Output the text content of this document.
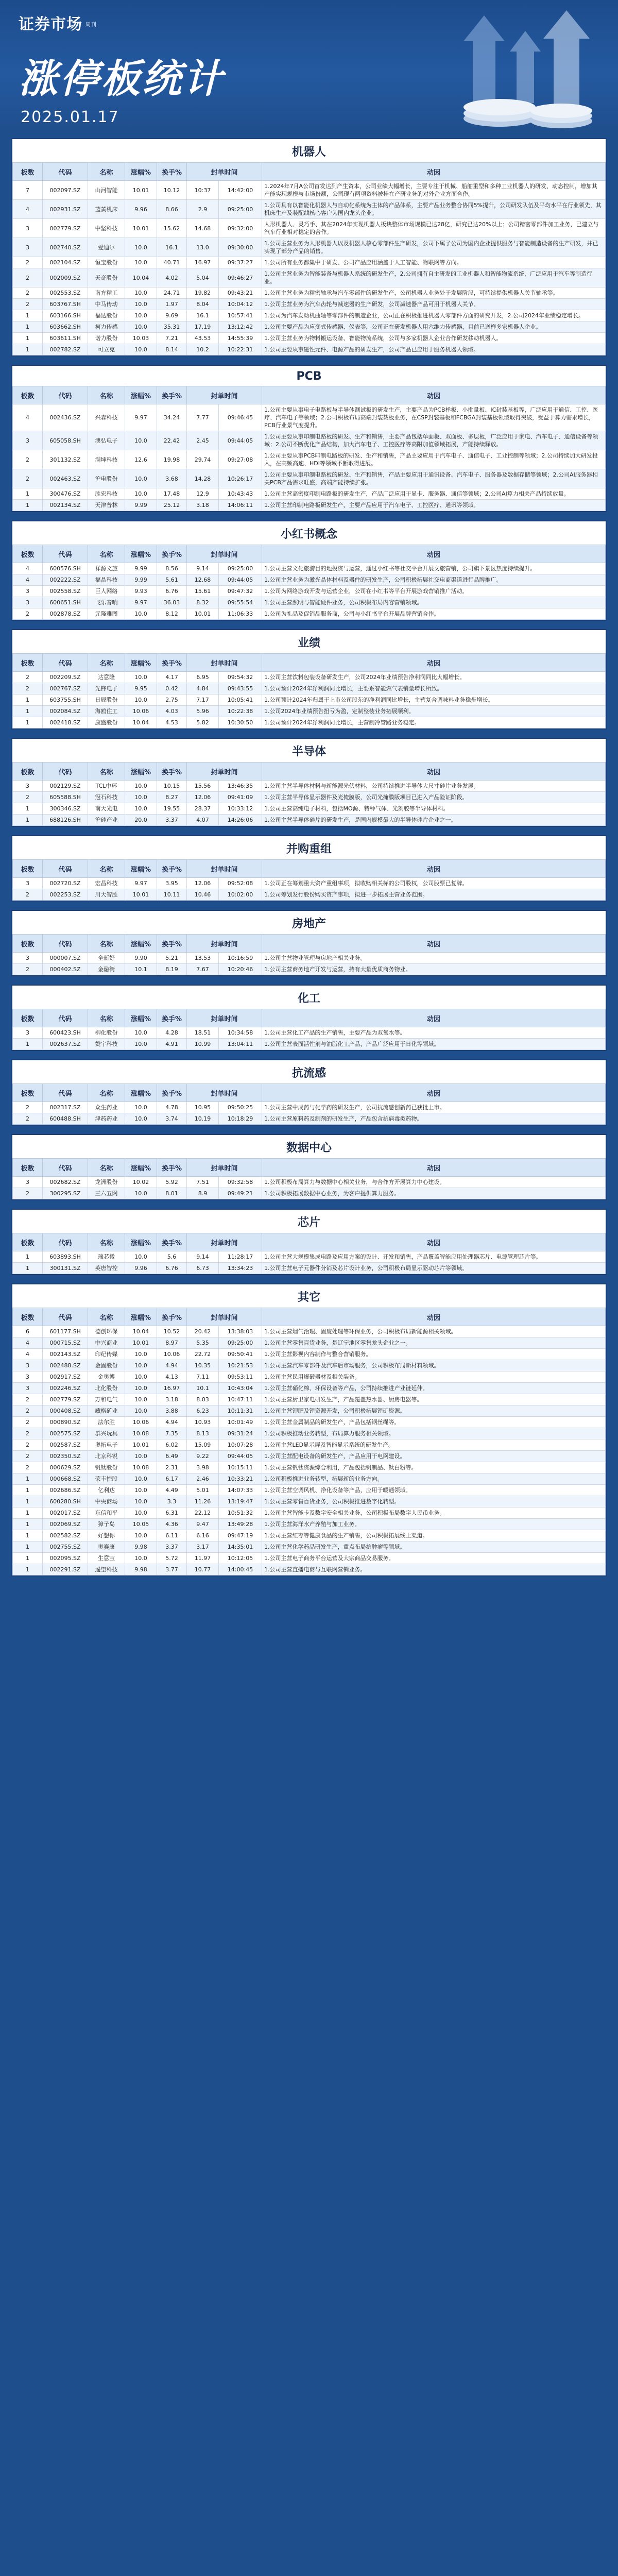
证券市场 周刊
涨停板统计
2025.01.17
机器人
板数	代码	名称	涨幅%	换手%	封单时间		动因
7	002097.SZ	山河智能	10.01	10.12	10:37	14:42:00	1.2024年7月A公司首发达到产生资本，公司业绩大幅增长，主要专注于机械、船舶重型和多种工业机器人的研发、动态控制，增加其产能实现规模与市场份额，公司现有两项资料被挂在产研业务的对外企业方面合作。
4	002931.SZ	蓝黄机床	9.96	8.66	2.9	09:25:00	1.公司具有以智能化机器人与自动化系统为主体的产品体系，主要产品业务整合协同5%提升，公司研发队伍及平均水平在行业领先，其机床生产及装配线核心客户为国内龙头企业。
3	002779.SZ	中坚科技	10.01	15.62	14.68	09:32:00	人形机器人、灵巧手、其在2024年实现机器人板块整体市场规模已达28亿，研究已达20%以上；公司精密零部件加工业务，已建立与汽车行业相对稳定的合作。
3	002740.SZ	爱迪尔	10.0	16.1	13.0	09:30:00	1.公司主营业务为人形机器人以及机器人核心零部件生产研发，公司下属子公司为国内企业提供服务与智能制造设备的生产研发，并已实现了部分产品的销售。
2	002104.SZ	恒宝股份	10.0	40.71	16.97	09:37:27	1.公司所有业务都集中于研发、公司产品应用涵盖于人工智能、物联网等方向。
2	002009.SZ	天奇股份	10.04	4.02	5.04	09:46:27	1.公司主营业务为智能装备与机器人系统的研发生产，2.公司拥有自主研发的工业机器人和智能物流系统，广泛应用于汽车等制造行业。
2	002553.SZ	南方精工	10.0	24.71	19.82	09:43:21	1.公司主营业务为精密轴承与汽车零部件的研发生产，公司机器人业务处于发展阶段，可持续提供机器人关节轴承等。
2	603767.SH	中马传动	10.0	1.97	8.04	10:04:12	1.公司主营业务为汽车齿轮与减速器的生产研发，公司减速器产品可用于机器人关节。
1	603166.SH	福达股份	10.0	9.69	16.1	10:57:41	1.公司为汽车发动机曲轴等零部件的制造企业，公司正在积极推进机器人零部件方面的研究开发，2.公司2024年业绩稳定增长。
1	603662.SH	柯力传感	10.0	35.31	17.19	13:12:42	1.公司主要产品为应变式传感器、仪表等，公司正在研发机器人用六维力传感器，目前已送样多家机器人企业。
1	603611.SH	诺力股份	10.03	7.21	43.53	14:55:39	1.公司主营业务为物料搬运设备、智能物流系统，公司与多家机器人企业合作研发移动机器人。
1	002782.SZ	可立克	10.0	8.14	10.2	10:22:31	1.公司主要从事磁性元件、电源产品的研发生产，公司产品已应用于服务机器人领域。
PCB
板数	代码	名称	涨幅%	换手%	封单时间		动因
4	002436.SZ	兴森科技	9.97	34.24	7.77	09:46:45	1.公司主要从事电子电路板与半导体测试板的研发生产，主要产品为PCB样板、小批量板、IC封装基板等，广泛应用于通信、工控、医疗、汽车电子等领域；2.公司积极布局高端封装载板业务，在CSP封装基板和FCBGA封装基板领域取得突破，受益于算力需求增长，PCB行业景气度提升。
3	605058.SH	澳弘电子	10.0	22.42	2.45	09:44:05	1.公司主要从事印制电路板的研发、生产和销售，主要产品包括单面板、双面板、多层板，广泛应用于家电、汽车电子、通信设备等领域；2.公司不断优化产品结构，加大汽车电子、工控医疗等高附加值领域拓展，产能持续释放。
2	301132.SZ	满坤科技	12.6	19.98	29.74	09:27:08	1.公司主要从事PCB印制电路板的研发、生产和销售，产品主要应用于汽车电子、通信电子、工业控制等领域；2.公司持续加大研发投入，在高频高速、HDI等领域不断取得进展。
2	002463.SZ	沪电股份	10.0	3.68	14.28	10:26:17	1.公司主要从事印制电路板的研发、生产和销售，产品主要应用于通讯设备、汽车电子、服务器及数据存储等领域；2.公司AI服务器相关PCB产品需求旺盛，高端产能持续扩张。
1	300476.SZ	胜宏科技	10.0	17.48	12.9	10:43:43	1.公司主营高密度印制电路板的研发生产，产品广泛应用于显卡、服务器、通信等领域；2.公司AI算力相关产品持续放量。
1	002134.SZ	天津普林	9.99	25.12	3.18	14:06:11	1.公司主营印制电路板研发生产，主要产品应用于汽车电子、工控医疗、通讯等领域。
小红书概念
板数	代码	名称	涨幅%	换手%	封单时间		动因
4	600576.SH	祥源文旅	9.99	8.56	9.14	09:25:00	1.公司主营文化旅游目的地投资与运营，通过小红书等社交平台开展文旅营销，公司旗下景区热度持续提升。
4	002222.SZ	福晶科技	9.99	5.61	12.68	09:44:05	1.公司主营业务为激光晶体材料及器件的研发生产，公司积极拓展社交电商渠道进行品牌推广。
3	002558.SZ	巨人网络	9.93	6.76	15.61	09:47:32	1.公司为网络游戏开发与运营企业，公司在小红书等平台开展游戏营销推广活动。
3	600651.SH	飞乐音响	9.97	36.03	8.32	09:55:54	1.公司主营照明与智能硬件业务，公司积极布局内容营销领域。
2	002878.SZ	元隆雅图	10.0	8.12	10.01	11:06:33	1.公司为礼品及促销品服务商，公司与小红书平台开展品牌营销合作。
业绩
板数	代码	名称	涨幅%	换手%	封单时间		动因
2	002209.SZ	达意隆	10.0	4.17	6.95	09:54:32	1.公司主营饮料包装设备研发生产，公司2024年业绩预告净利润同比大幅增长。
2	002767.SZ	先锋电子	9.95	0.42	4.84	09:43:55	1.公司预计2024年净利润同比增长，主要系智能燃气表销量增长所致。
1	603755.SH	日辰股份	10.0	2.75	7.17	10:05:41	1.公司预计2024年归属于上市公司股东的净利润同比增长，主营复合调味料业务稳步增长。
1	002084.SZ	海鸥住工	10.06	4.03	5.96	10:22:38	1.公司2024年业绩预告扭亏为盈，定制整装业务拓展顺利。
1	002418.SZ	康盛股份	10.04	4.53	5.82	10:30:50	1.公司预计2024年净利润同比增长，主营制冷管路业务稳定。
半导体
板数	代码	名称	涨幅%	换手%	封单时间		动因
3	002129.SZ	TCL中环	10.0	10.15	15.56	13:46:35	1.公司主营半导体材料与新能源光伏材料，公司持续推进半导体大尺寸硅片业务发展。
2	605588.SH	冠石科技	10.0	8.27	12.06	09:41:09	1.公司主营半导体显示器件及光掩膜版，公司光掩膜版项目已进入产品验证阶段。
1	300346.SZ	南大光电	10.0	19.55	28.37	10:33:12	1.公司主营高纯电子材料，包括MO源、特种气体、光刻胶等半导体材料。
1	688126.SH	沪硅产业	20.0	3.37	4.07	14:26:06	1.公司主营半导体硅片的研发生产，是国内规模最大的半导体硅片企业之一。
并购重组
板数	代码	名称	涨幅%	换手%	封单时间		动因
3	002720.SZ	宏昌科技	9.97	3.95	12.06	09:52:08	1.公司正在筹划重大资产重组事项，拟收购相关标的公司股权，公司股票已复牌。
2	002253.SZ	川大智胜	10.01	10.11	10.46	10:02:00	1.公司筹划发行股份购买资产事项，拟进一步拓展主营业务范围。
房地产
板数	代码	名称	涨幅%	换手%	封单时间		动因
3	000007.SZ	全新好	9.90	5.21	13.53	10:16:59	1.公司主营物业管理与房地产相关业务。
2	000402.SZ	金融街	10.1	8.19	7.67	10:20:46	1.公司主营商务地产开发与运营，持有大量优质商务物业。
化工
板数	代码	名称	涨幅%	换手%	封单时间		动因
3	600423.SH	柳化股份	10.0	4.28	18.51	10:34:58	1.公司主营化工产品的生产销售，主要产品为双氧水等。
1	002637.SZ	赞宇科技	10.0	4.91	10.99	13:04:11	1.公司主营表面活性剂与油脂化工产品，产品广泛应用于日化等领域。
抗流感
板数	代码	名称	涨幅%	换手%	封单时间		动因
2	002317.SZ	众生药业	10.0	4.78	10.95	09:50:25	1.公司主营中成药与化学药的研发生产，公司抗流感创新药已获批上市。
2	600488.SH	津药药业	10.0	3.74	10.19	10:18:29	1.公司主营原料药及制剂的研发生产，产品包含抗病毒类药物。
数据中心
板数	代码	名称	涨幅%	换手%	封单时间		动因
3	002682.SZ	龙洲股份	10.02	5.92	7.51	09:32:58	1.公司积极布局算力与数据中心相关业务，与合作方开展算力中心建设。
2	300295.SZ	三六五网	10.0	8.01	8.9	09:49:21	1.公司积极拓展数据中心业务，为客户提供算力服务。
芯片
板数	代码	名称	涨幅%	换手%	封单时间		动因
1	603893.SH	瑞芯微	10.0	5.6	9.14	11:28:17	1.公司主营大规模集成电路及应用方案的设计、开发和销售，产品覆盖智能应用处理器芯片、电源管理芯片等。
1	300131.SZ	英唐智控	9.96	6.76	6.73	13:34:23	1.公司主营电子元器件分销及芯片设计业务，公司积极布局显示驱动芯片等领域。
其它
板数	代码	名称	涨幅%	换手%	封单时间		动因
6	601177.SH	德创环保	10.04	10.52	20.42	13:38:03	1.公司主营烟气治理、固废处理等环保业务，公司积极布局新能源相关领域。
4	000715.SZ	中兴商业	10.01	8.97	5.35	09:25:00	1.公司主营零售百货业务，是辽宁地区零售龙头企业之一。
4	002143.SZ	印纪传媒	10.0	10.06	22.72	09:50:41	1.公司主营影视内容制作与整合营销服务。
3	002488.SZ	金固股份	10.0	4.94	10.35	10:21:53	1.公司主营汽车零部件及汽车后市场服务，公司积极布局新材料领域。
3	002917.SZ	金奥博	10.0	4.13	7.11	09:53:11	1.公司主营民用爆破器材及相关装备。
3	002246.SZ	北化股份	10.0	16.97	10.1	10:43:04	1.公司主营硝化棉、环保设备等产品，公司持续推进产业链延伸。
2	002779.SZ	万和电气	10.0	3.18	8.03	10:47:11	1.公司主营厨卫家电研发生产，产品覆盖热水器、厨房电器等。
2	000408.SZ	藏格矿业	10.0	3.88	6.23	10:11:31	1.公司主营钾肥及锂资源开发，公司积极拓展锂矿资源。
2	000890.SZ	法尔胜	10.06	4.94	10.93	10:01:49	1.公司主营金属制品的研发生产，产品包括钢丝绳等。
2	002575.SZ	群兴玩具	10.08	7.35	8.13	09:31:24	1.公司积极推动业务转型，布局算力服务相关领域。
2	002587.SZ	奥拓电子	10.01	6.02	15.09	10:07:28	1.公司主营LED显示屏及智能显示系统的研发生产。
2	002350.SZ	北京科锐	10.0	6.49	9.22	09:44:05	1.公司主营配电设备的研发生产，产品应用于电网建设。
2	000629.SZ	钒钛股份	10.08	2.31	3.98	10:15:11	1.公司主营钒钛资源综合利用，产品包括钒制品、钛白粉等。
1	000668.SZ	荣丰控股	10.0	6.17	2.46	10:33:21	1.公司积极推进业务转型，拓展新的业务方向。
1	002686.SZ	亿利达	10.0	4.49	5.01	14:07:33	1.公司主营空调风机、净化设备等产品，应用于暖通领域。
1	600280.SH	中央商场	10.0	3.3	11.26	13:19:47	1.公司主营零售百货业务，公司积极推进数字化转型。
1	002017.SZ	东信和平	10.0	6.31	22.12	10:51:32	1.公司主营智能卡及数字安全相关业务，公司积极布局数字人民币业务。
1	002069.SZ	獐子岛	10.05	4.36	9.47	13:49:28	1.公司主营海洋水产养殖与加工业务。
1	002582.SZ	好想你	10.0	6.11	6.16	09:47:19	1.公司主营红枣等健康食品的生产销售，公司积极拓展线上渠道。
1	002755.SZ	奥赛康	9.98	3.37	3.17	14:35:01	1.公司主营化学药品研发生产，重点布局抗肿瘤等领域。
1	002095.SZ	生意宝	10.0	5.72	11.97	10:12:05	1.公司主营电子商务平台运营及大宗商品交易服务。
1	002291.SZ	遥望科技	9.98	3.77	10.77	14:00:45	1.公司主营直播电商与互联网营销业务。
